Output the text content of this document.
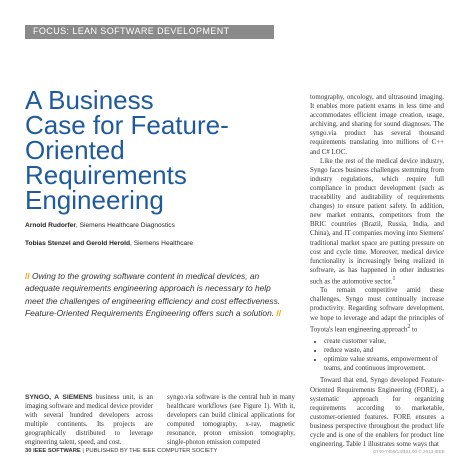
FOCUS: LEAN SOFTWARE DEVELOPMENT
A Business
Case for Feature-
Oriented
Requirements
Engineering
Arnold Rudorfer, Siemens Healthcare Diagnostics
Tobias Stenzel and Gerold Herold, Siemens Healthcare

// Owing to the growing software content in medical devices, an adequate requirements engineering approach is necessary to help meet the challenges of engineering efficiency and cost effectiveness. Feature-Oriented Requirements Engineering offers such a solution. //

SYNGO, A SIEMENS business unit, is an imaging software and medical device provider with several hundred developers across multiple continents. Its projects are geographically distributed to leverage engineering talent, speed, and cost.

syngo.via software is the central hub in many healthcare workflows (see Figure 1). With it, developers can build clinical applications for computed tomography, x-ray, magnetic resonance, proton emission tomography, single-photon emission computed

tomography, oncology, and ultrasound imaging. It enables more patient exams in less time and accommodates efficient image creation, usage, archiving, and sharing for sound diagnoses. The syngo.via product has several thousand requirements translating into millions of C++ and C# LOC.

Like the rest of the medical device industry, Syngo faces business challenges stemming from industry regulations, which require full compliance in product development (such as traceability and auditability of requirements changes) to ensure patient safety. In addition, new market entrants, competitors from the BRIC countries (Brazil, Russia, India, and China), and IT companies moving into Siemens' traditional market space are putting pressure on cost and cycle time. Moreover, medical device functionality is increasingly being realized in software, as has happened in other industries such as the automotive sector.$^1$

To remain competitive amid these challenges, Syngo must continually increase productivity. Regarding software development, we hope to leverage and adapt the principles of Toyota's lean engineering approach$^2$ to

• create customer value,
• reduce waste, and
• optimize value streams, empowerment of teams, and continuous improvement.

Toward that end, Syngo developed Feature-Oriented Requirements Engineering (FORE), a systematic approach for organizing requirements according to marketable, customer-oriented features. FORE ensures a business perspective throughout the product life cycle and is one of the enablers for product line engineering. Table 1 illustrates some ways that

30 IEEE SOFTWARE | PUBLISHED BY THE IEEE COMPUTER SOCIETY	0740-7459/13/$31.00 © 2013 IEEE
